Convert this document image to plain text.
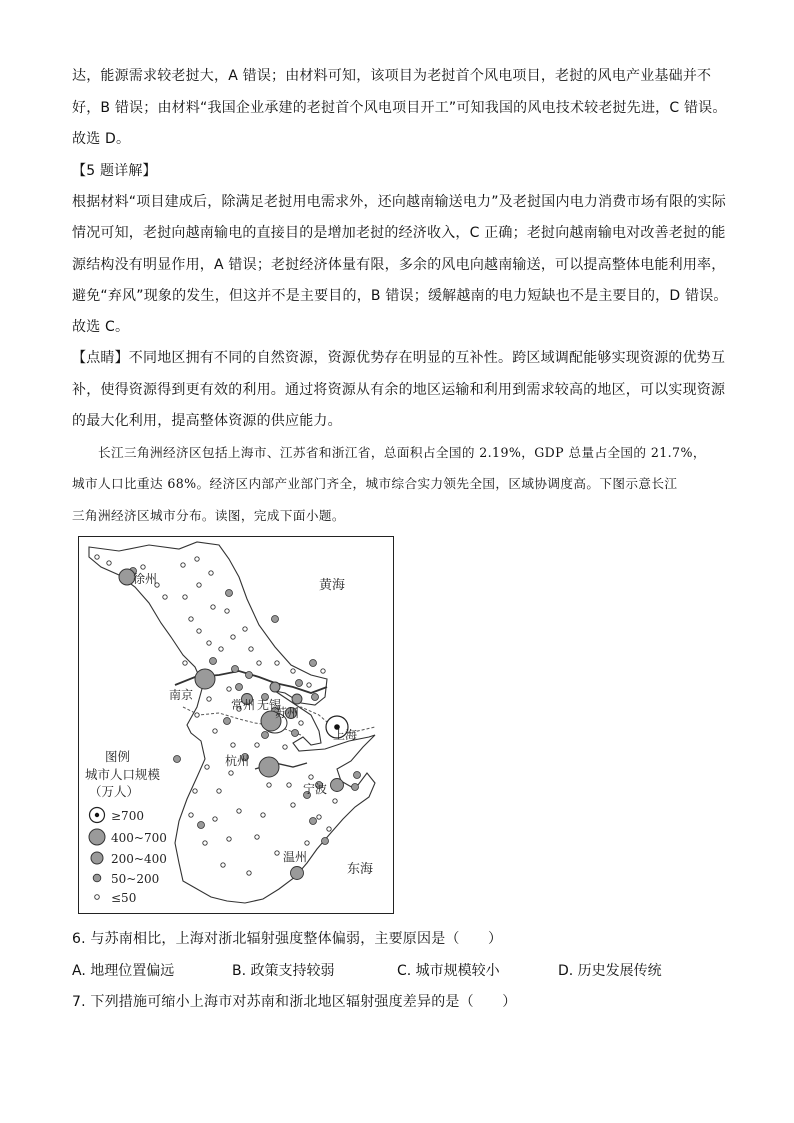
达，能源需求较老挝大，A 错误；由材料可知，该项目为老挝首个风电项目，老挝的风电产业基础并不
好，B 错误；由材料“我国企业承建的老挝首个风电项目开工”可知我国的风电技术较老挝先进，C 错误。
故选 D。
【5 题详解】
根据材料“项目建成后，除满足老挝用电需求外，还向越南输送电力”及老挝国内电力消费市场有限的实际
情况可知，老挝向越南输电的直接目的是增加老挝的经济收入，C 正确；老挝向越南输电对改善老挝的能
源结构没有明显作用，A 错误；老挝经济体量有限，多余的风电向越南输送，可以提高整体电能利用率，
避免“弃风”现象的发生，但这并不是主要目的，B 错误；缓解越南的电力短缺也不是主要目的，D 错误。
故选 C。
【点睛】不同地区拥有不同的自然资源，资源优势存在明显的互补性。跨区域调配能够实现资源的优势互
补，使得资源得到更有效的利用。通过将资源从有余的地区运输和利用到需求较高的地区，可以实现资源
的最大化利用，提高整体资源的供应能力。
长江三角洲经济区包括上海市、江苏省和浙江省，总面积占全国的 2.19%，GDP 总量占全国的 21.7%，
城市人口比重达 68%。经济区内部产业部门齐全，城市综合实力领先全国，区域协调度高。下图示意长江
三角洲经济区城市分布。读图，完成下面小题。
徐州
南京
常州 无锡
苏州
上海
杭州
宁波
温州
黄海
东海
图例
城市人口规模
（万人）
≥700
400~700
200~400
50~200
≤50
6. 与苏南相比，上海对浙北辐射强度整体偏弱，主要原因是（　　）
A. 地理位置偏远	B. 政策支持较弱	C. 城市规模较小	D. 历史发展传统
7. 下列措施可缩小上海市对苏南和浙北地区辐射强度差异的是（　　）
